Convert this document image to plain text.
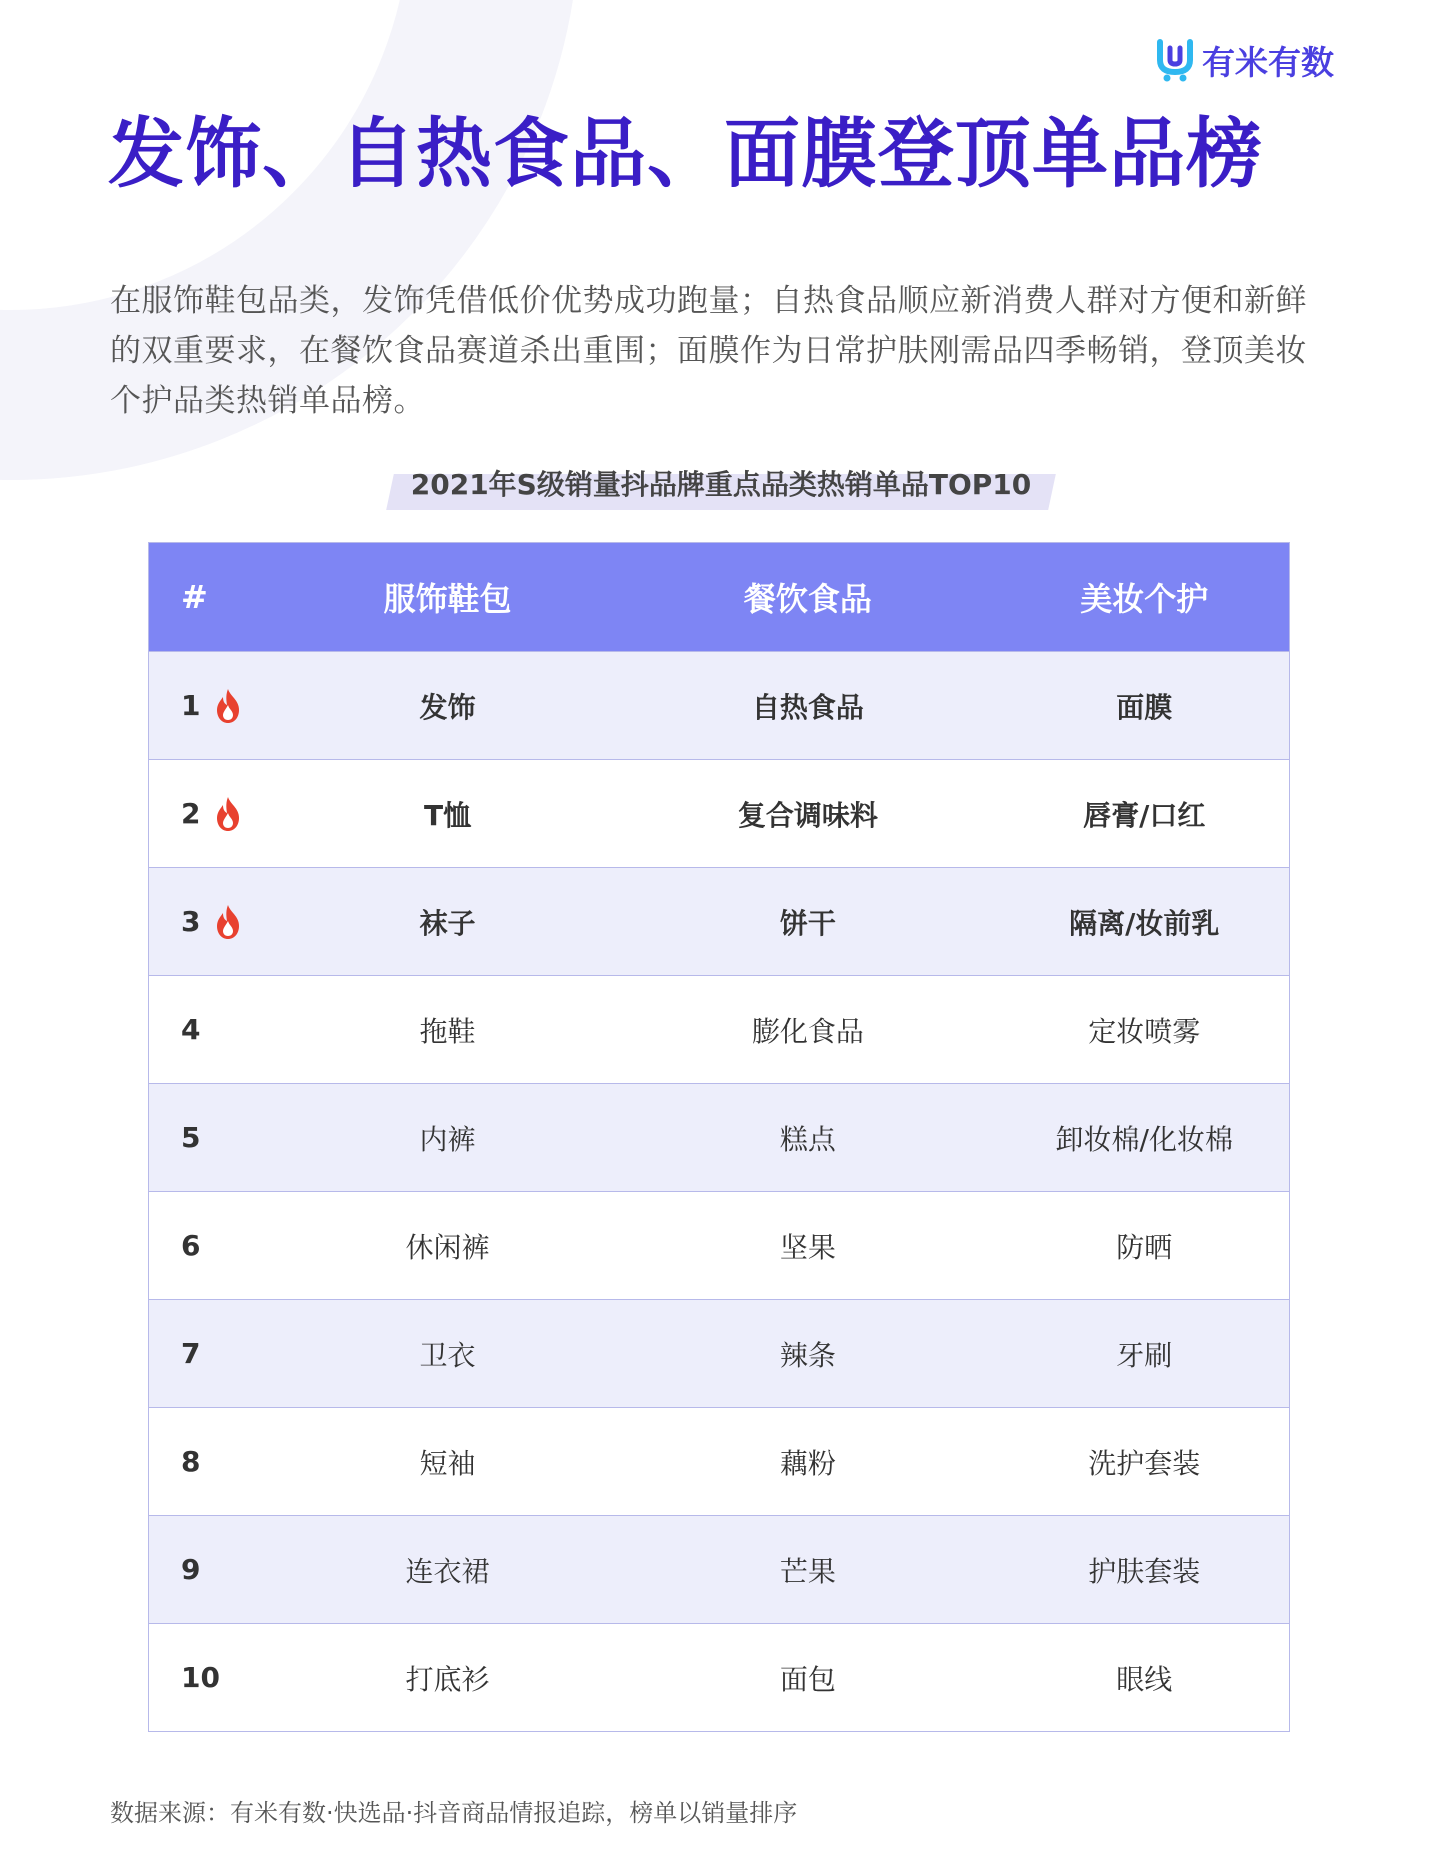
有米有数
发饰、自热食品、面膜登顶单品榜

在服饰鞋包品类，发饰凭借低价优势成功跑量；自热食品顺应新消费人群对方便和新鲜的双重要求，在餐饮食品赛道杀出重围；面膜作为日常护肤刚需品四季畅销，登顶美妆个护品类热销单品榜。

2021年S级销量抖品牌重点品类热销单品TOP10
#	服饰鞋包	餐饮食品	美妆个护
1	发饰	自热食品	面膜
2	T恤	复合调味料	唇膏/口红
3	袜子	饼干	隔离/妆前乳
4	拖鞋	膨化食品	定妆喷雾
5	内裤	糕点	卸妆棉/化妆棉
6	休闲裤	坚果	防晒
7	卫衣	辣条	牙刷
8	短袖	藕粉	洗护套装
9	连衣裙	芒果	护肤套装
10	打底衫	面包	眼线

数据来源：有米有数·快选品·抖音商品情报追踪，榜单以销量排序
